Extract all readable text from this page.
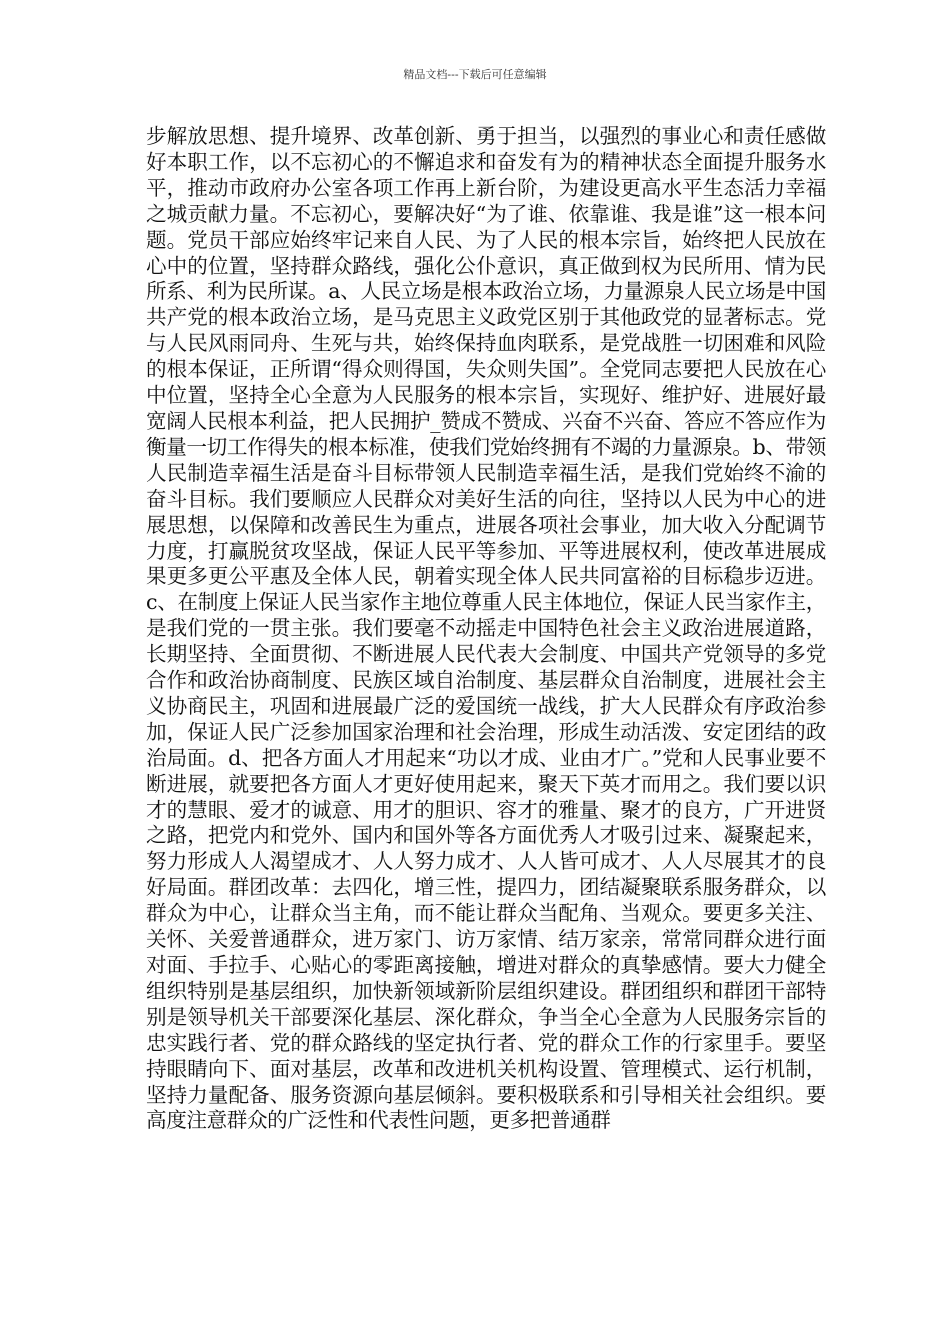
精品文档---下载后可任意编辑

步解放思想、提升境界、改革创新、勇于担当，以强烈的事业心和责任感做好本职工作，以不忘初心的不懈追求和奋发有为的精神状态全面提升服务水平，推动市政府办公室各项工作再上新台阶，为建设更高水平生态活力幸福之城贡献力量。不忘初心，要解决好“为了谁、依靠谁、我是谁”这一根本问题。党员干部应始终牢记来自人民、为了人民的根本宗旨，始终把人民放在心中的位置，坚持群众路线，强化公仆意识，真正做到权为民所用、情为民所系、利为民所谋。a、人民立场是根本政治立场，力量源泉人民立场是中国共产党的根本政治立场，是马克思主义政党区别于其他政党的显著标志。党与人民风雨同舟、生死与共，始终保持血肉联系，是党战胜一切困难和风险的根本保证，正所谓“得众则得国，失众则失国”。全党同志要把人民放在心中位置，坚持全心全意为人民服务的根本宗旨，实现好、维护好、进展好最宽阔人民根本利益，把人民拥护_赞成不赞成、兴奋不兴奋、答应不答应作为衡量一切工作得失的根本标准，使我们党始终拥有不竭的力量源泉。b、带领人民制造幸福生活是奋斗目标带领人民制造幸福生活，是我们党始终不渝的奋斗目标。我们要顺应人民群众对美好生活的向往，坚持以人民为中心的进展思想，以保障和改善民生为重点，进展各项社会事业，加大收入分配调节力度，打赢脱贫攻坚战，保证人民平等参加、平等进展权利，使改革进展成果更多更公平惠及全体人民，朝着实现全体人民共同富裕的目标稳步迈进。c、在制度上保证人民当家作主地位尊重人民主体地位，保证人民当家作主，是我们党的一贯主张。我们要毫不动摇走中国特色社会主义政治进展道路，长期坚持、全面贯彻、不断进展人民代表大会制度、中国共产党领导的多党合作和政治协商制度、民族区域自治制度、基层群众自治制度，进展社会主义协商民主，巩固和进展最广泛的爱国统一战线，扩大人民群众有序政治参加，保证人民广泛参加国家治理和社会治理，形成生动活泼、安定团结的政治局面。d、把各方面人才用起来“功以才成、业由才广。”党和人民事业要不断进展，就要把各方面人才更好使用起来，聚天下英才而用之。我们要以识才的慧眼、爱才的诚意、用才的胆识、容才的雅量、聚才的良方，广开进贤之路，把党内和党外、国内和国外等各方面优秀人才吸引过来、凝聚起来，努力形成人人渴望成才、人人努力成才、人人皆可成才、人人尽展其才的良好局面。群团改革：去四化，增三性，提四力，团结凝聚联系服务群众，以群众为中心，让群众当主角，而不能让群众当配角、当观众。要更多关注、关怀、关爱普通群众，进万家门、访万家情、结万家亲，常常同群众进行面对面、手拉手、心贴心的零距离接触，增进对群众的真挚感情。要大力健全组织特别是基层组织，加快新领域新阶层组织建设。群团组织和群团干部特别是领导机关干部要深化基层、深化群众，争当全心全意为人民服务宗旨的忠实践行者、党的群众路线的坚定执行者、党的群众工作的行家里手。要坚持眼睛向下、面对基层，改革和改进机关机构设置、管理模式、运行机制，坚持力量配备、服务资源向基层倾斜。要积极联系和引导相关社会组织。要高度注意群众的广泛性和代表性问题，更多把普通群
